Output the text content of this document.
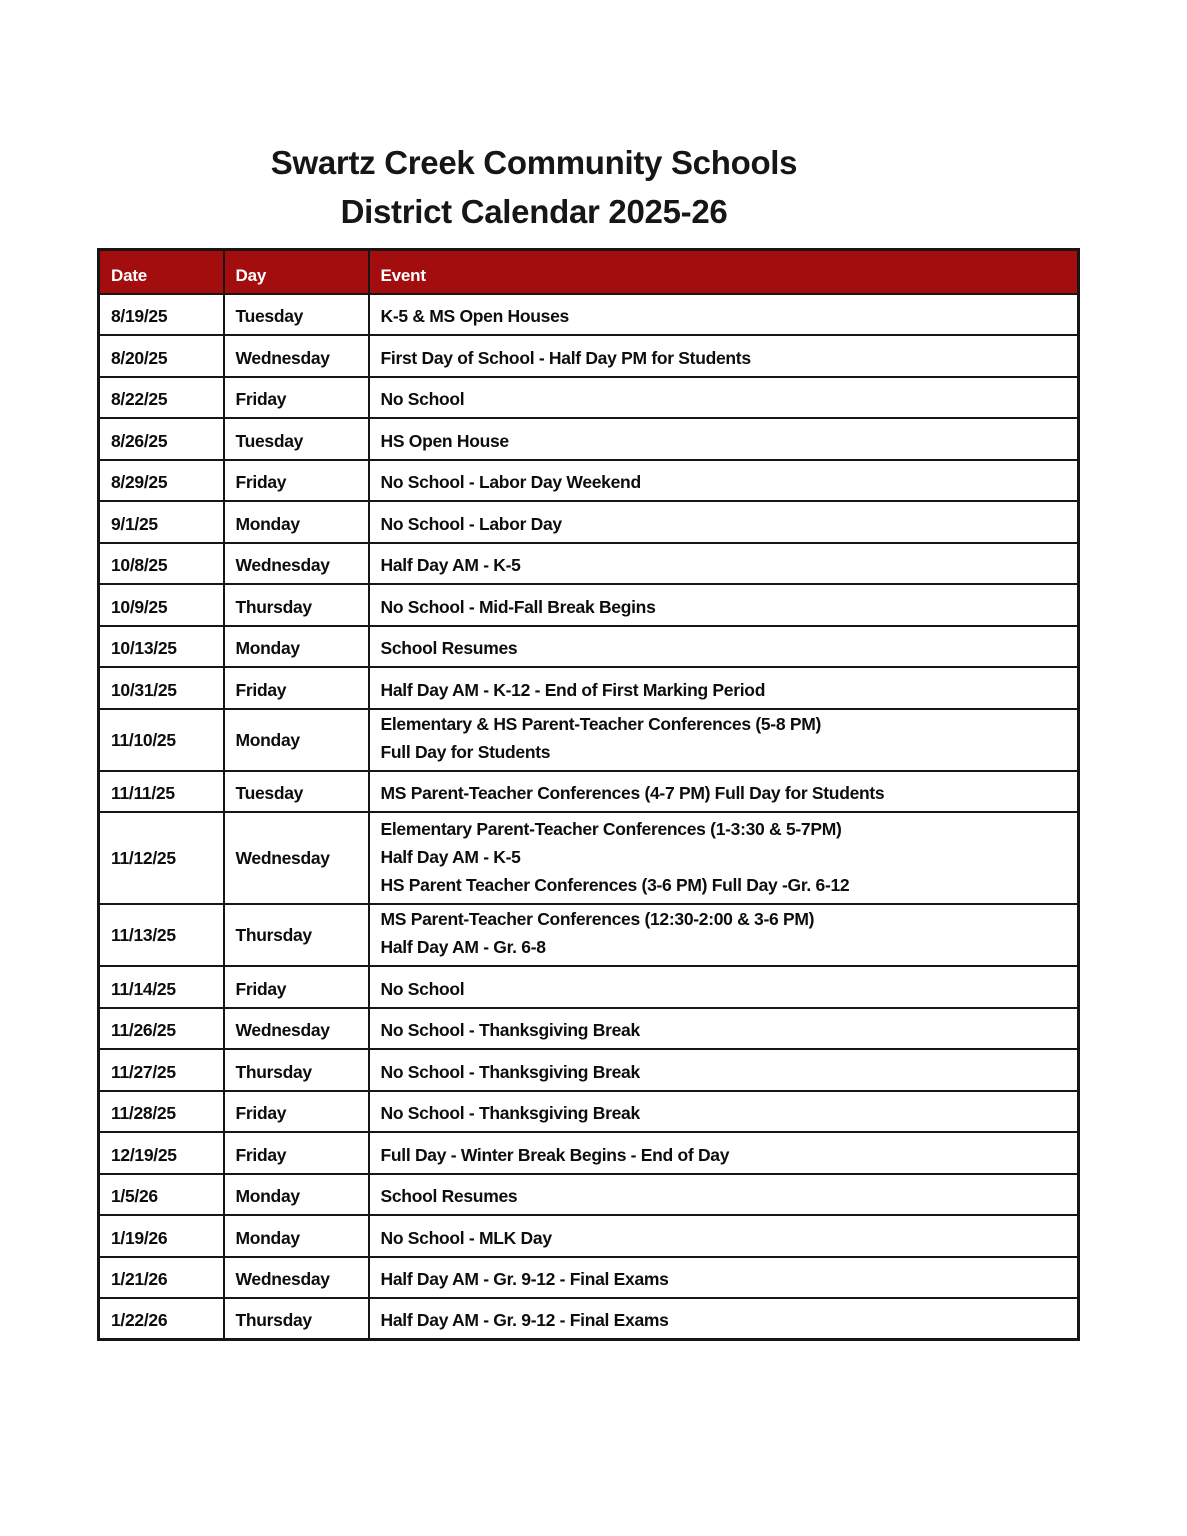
Swartz Creek Community Schools
District Calendar 2025-26
Date	Day	Event
8/19/25	Tuesday	K-5 & MS Open Houses

8/20/25	Wednesday	First Day of School - Half Day PM for Students

8/22/25	Friday	No School

8/26/25	Tuesday	HS Open House

8/29/25	Friday	No School - Labor Day Weekend

9/1/25	Monday	No School - Labor Day

10/8/25	Wednesday	Half Day AM - K-5

10/9/25	Thursday	No School - Mid-Fall Break Begins

10/13/25	Monday	School Resumes

10/31/25	Friday	Half Day AM - K-12 - End of First Marking Period

11/10/25	Monday	Elementary & HS Parent-Teacher Conferences (5-8 PM)
Full Day for Students

11/11/25	Tuesday	MS Parent-Teacher Conferences (4-7 PM) Full Day for Students

11/12/25	Wednesday	Elementary Parent-Teacher Conferences (1-3:30 & 5-7PM)
Half Day AM - K-5
HS Parent Teacher Conferences (3-6 PM) Full Day -Gr. 6-12

11/13/25	Thursday	MS Parent-Teacher Conferences (12:30-2:00 & 3-6 PM)
Half Day AM - Gr. 6-8

11/14/25	Friday	No School

11/26/25	Wednesday	No School - Thanksgiving Break

11/27/25	Thursday	No School - Thanksgiving Break

11/28/25	Friday	No School - Thanksgiving Break

12/19/25	Friday	Full Day - Winter Break Begins - End of Day

1/5/26	Monday	School Resumes

1/19/26	Monday	No School - MLK Day

1/21/26	Wednesday	Half Day AM - Gr. 9-12 - Final Exams

1/22/26	Thursday	Half Day AM - Gr. 9-12 - Final Exams
